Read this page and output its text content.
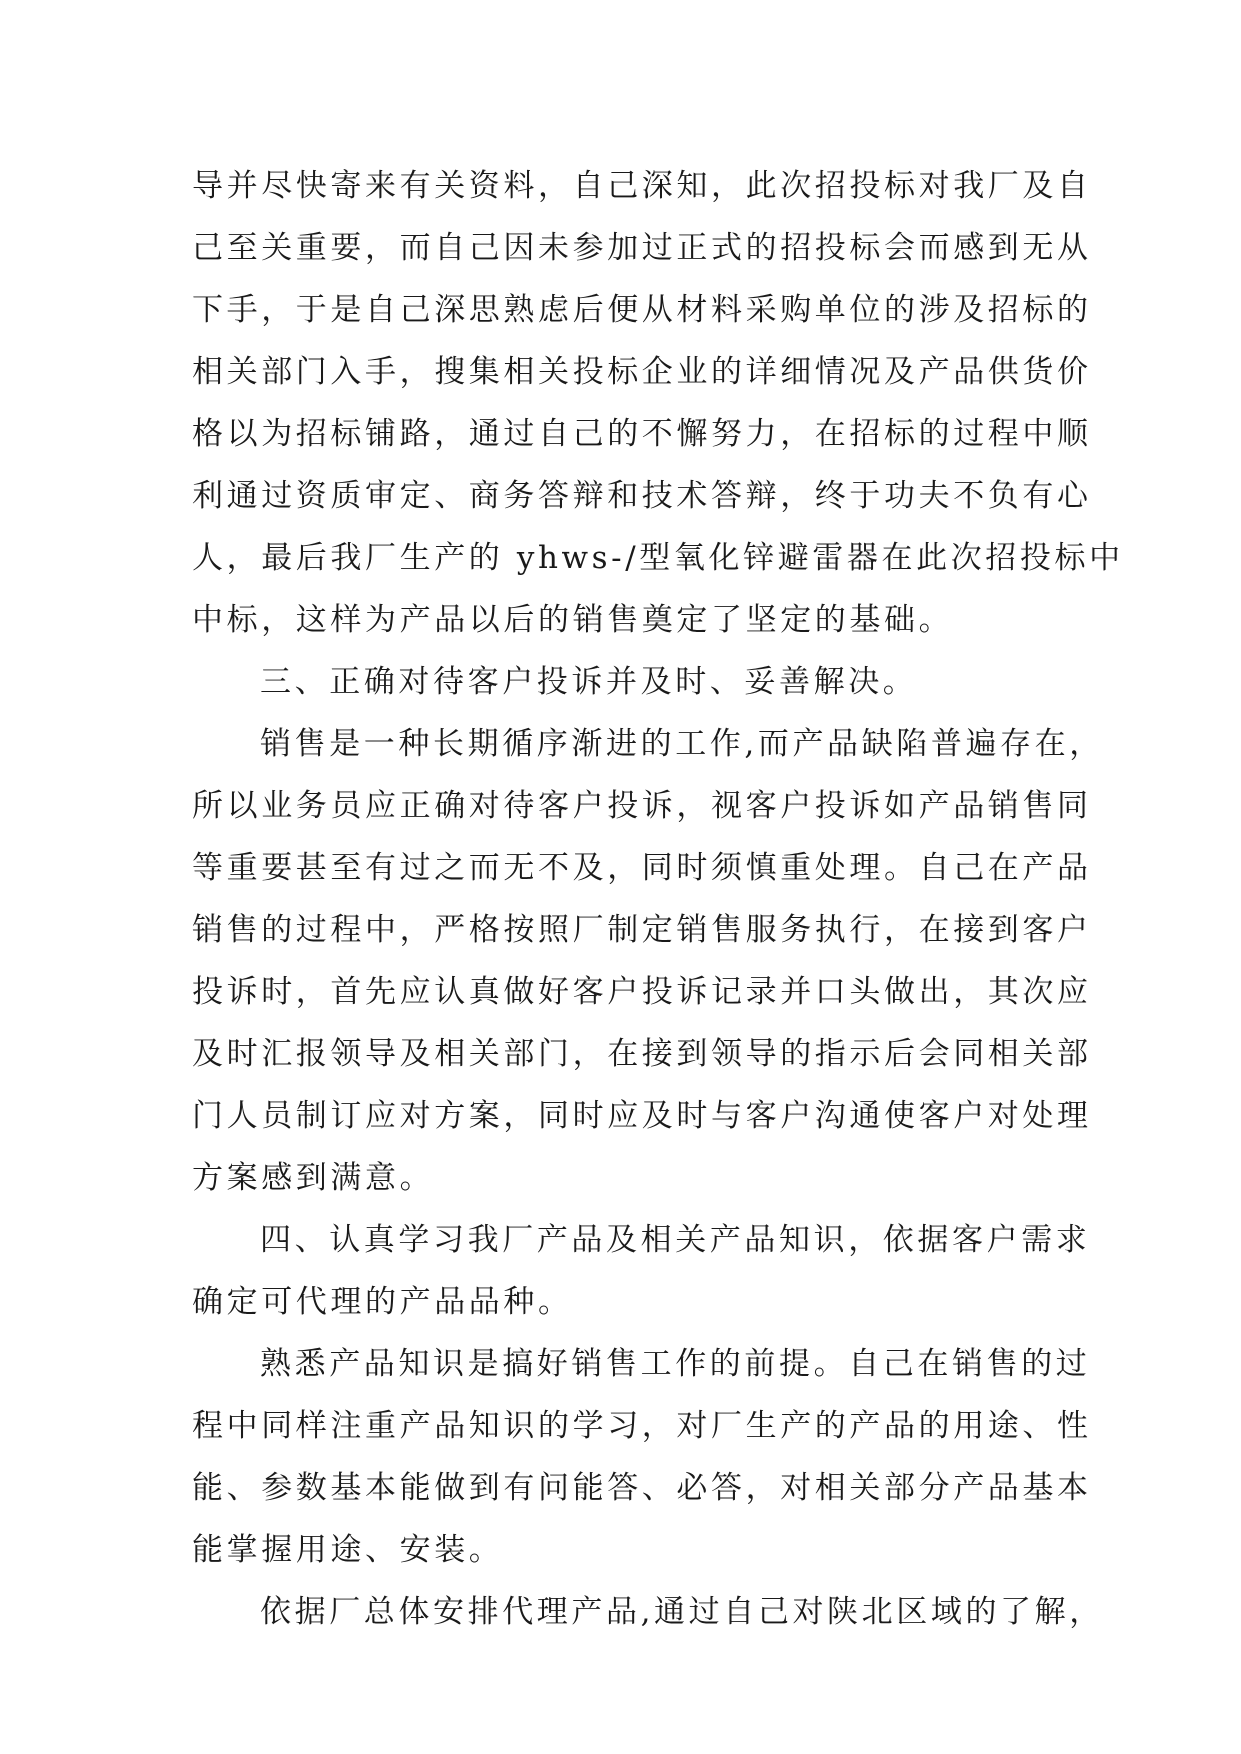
导并尽快寄来有关资料，自己深知，此次招投标对我厂及自
己至关重要，而自己因未参加过正式的招投标会而感到无从
下手，于是自己深思熟虑后便从材料采购单位的涉及招标的
相关部门入手，搜集相关投标企业的详细情况及产品供货价
格以为招标铺路，通过自己的不懈努力，在招标的过程中顺
利通过资质审定、商务答辩和技术答辩，终于功夫不负有心
人，最后我厂生产的 yhws-/型氧化锌避雷器在此次招投标中
中标，这样为产品以后的销售奠定了坚定的基础。
三、正确对待客户投诉并及时、妥善解决。
销售是一种长期循序渐进的工作,而产品缺陷普遍存在，
所以业务员应正确对待客户投诉，视客户投诉如产品销售同
等重要甚至有过之而无不及，同时须慎重处理。自己在产品
销售的过程中，严格按照厂制定销售服务执行，在接到客户
投诉时，首先应认真做好客户投诉记录并口头做出，其次应
及时汇报领导及相关部门，在接到领导的指示后会同相关部
门人员制订应对方案，同时应及时与客户沟通使客户对处理
方案感到满意。
四、认真学习我厂产品及相关产品知识，依据客户需求
确定可代理的产品品种。
熟悉产品知识是搞好销售工作的前提。自己在销售的过
程中同样注重产品知识的学习，对厂生产的产品的用途、性
能、参数基本能做到有问能答、必答，对相关部分产品基本
能掌握用途、安装。
依据厂总体安排代理产品,通过自己对陕北区域的了解，
